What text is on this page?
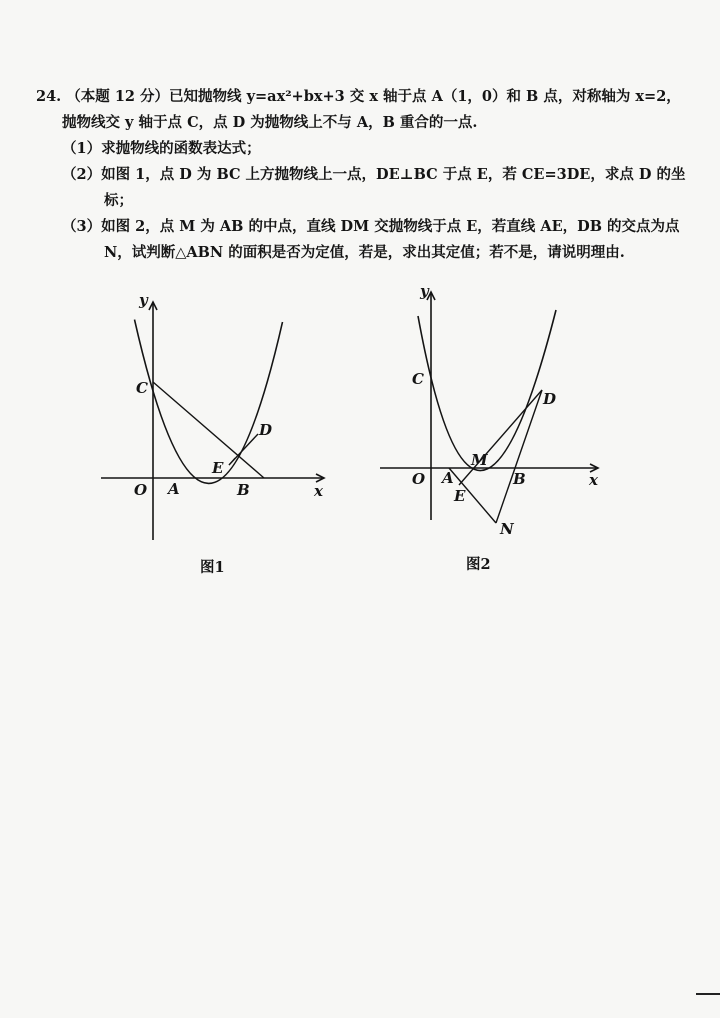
24. （本题 12 分）已知抛物线 y=ax²+bx+3 交 x 轴于点 A（1，0）和 B 点，对称轴为 x=2，
抛物线交 y 轴于点 C，点 D 为抛物线上不与 A，B 重合的一点.
（1）求抛物线的函数表达式；
（2）如图 1，点 D 为 BC 上方抛物线上一点，DE⊥BC 于点 E，若 CE=3DE，求点 D 的坐
标；
（3）如图 2，点 M 为 AB 的中点，直线 DM 交抛物线于点 E，若直线 AE，DB 的交点为点
N，试判断△ABN 的面积是否为定值，若是，求出其定值；若不是，请说明理由.
y
x
O A	B
C
D
E
图1
y
x
O A	B
C
D
E
M
N
图2
